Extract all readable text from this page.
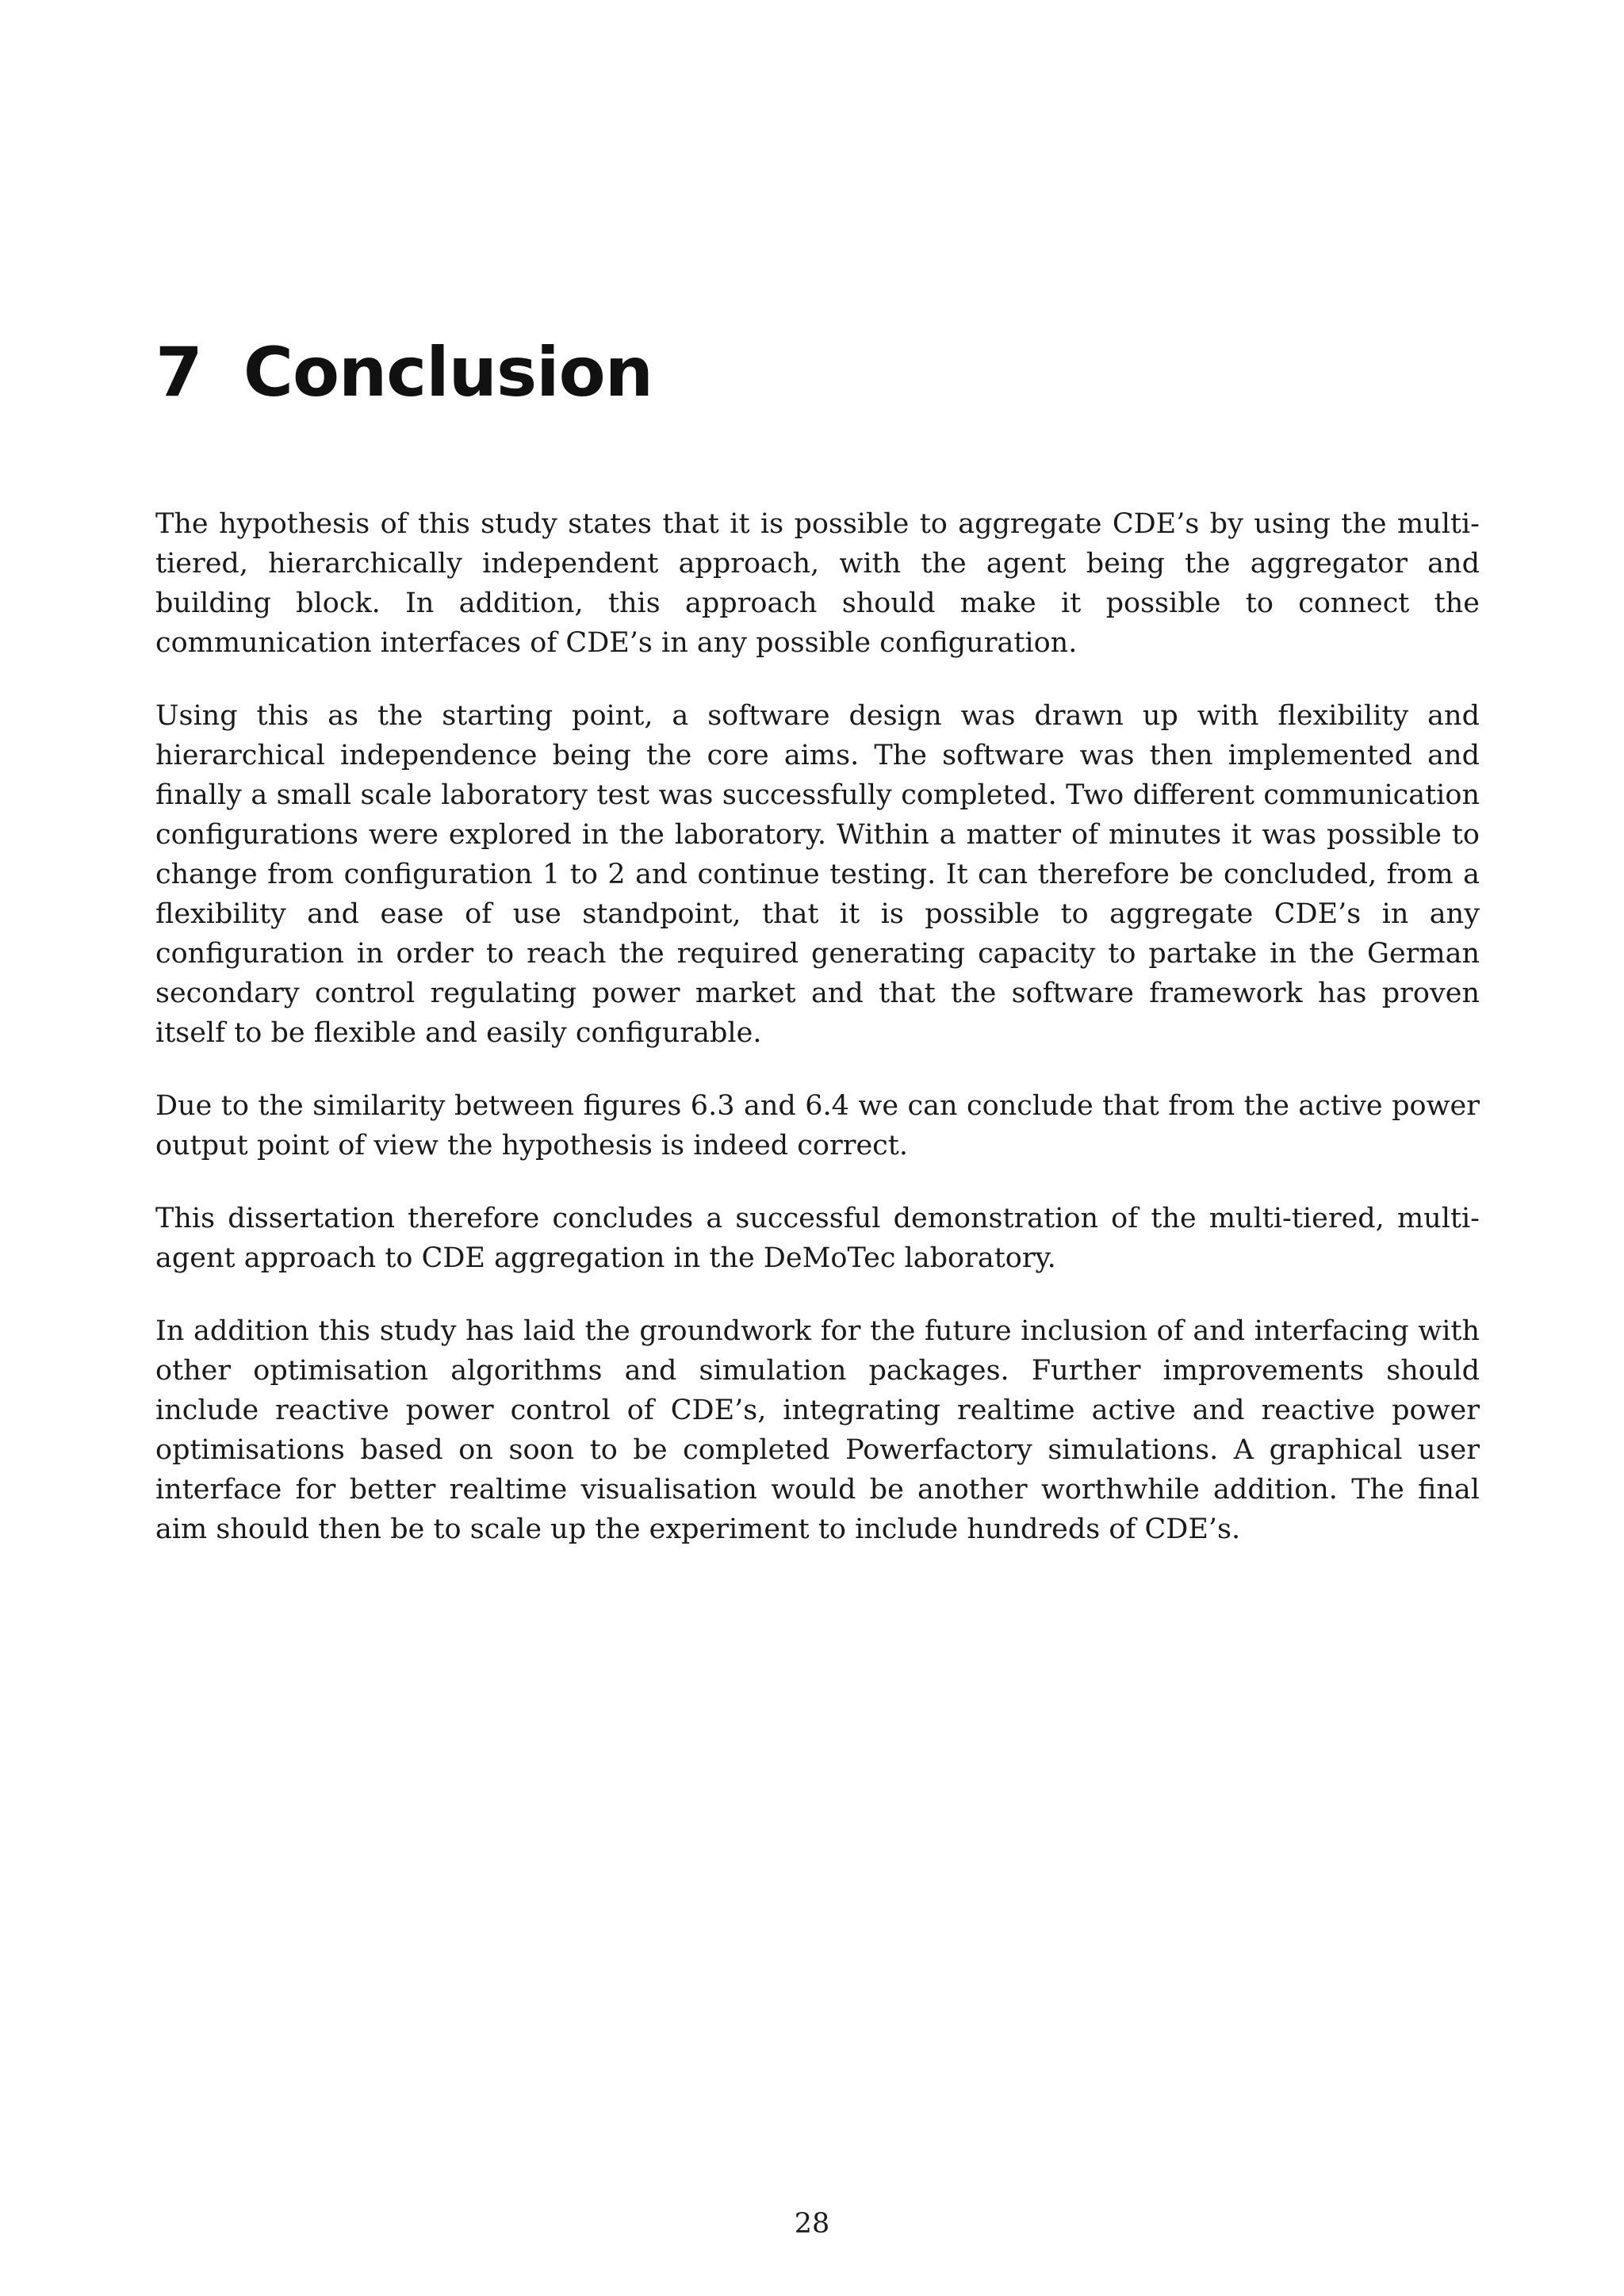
7 Conclusion

The hypothesis of this study states that it is possible to aggregate CDE’s by using the multi-tiered, hierarchically independent approach, with the agent being the aggregator and building block. In addition, this approach should make it possible to connect the communication interfaces of CDE’s in any possible configuration.

Using this as the starting point, a software design was drawn up with flexibility and hierarchical independence being the core aims. The software was then implemented and finally a small scale laboratory test was successfully completed. Two different communication configurations were explored in the laboratory. Within a matter of minutes it was possible to change from configuration 1 to 2 and continue testing. It can therefore be concluded, from a flexibility and ease of use standpoint, that it is possible to aggregate CDE’s in any configuration in order to reach the required generating capacity to partake in the German secondary control regulating power market and that the software framework has proven itself to be flexible and easily configurable.

Due to the similarity between figures 6.3 and 6.4 we can conclude that from the active power output point of view the hypothesis is indeed correct.

This dissertation therefore concludes a successful demonstration of the multi-tiered, multi-agent approach to CDE aggregation in the DeMoTec laboratory.

In addition this study has laid the groundwork for the future inclusion of and interfacing with other optimisation algorithms and simulation packages. Further improvements should include reactive power control of CDE’s, integrating realtime active and reactive power optimisations based on soon to be completed Powerfactory simulations. A graphical user interface for better realtime visualisation would be another worthwhile addition. The final aim should then be to scale up the experiment to include hundreds of CDE’s.

28
